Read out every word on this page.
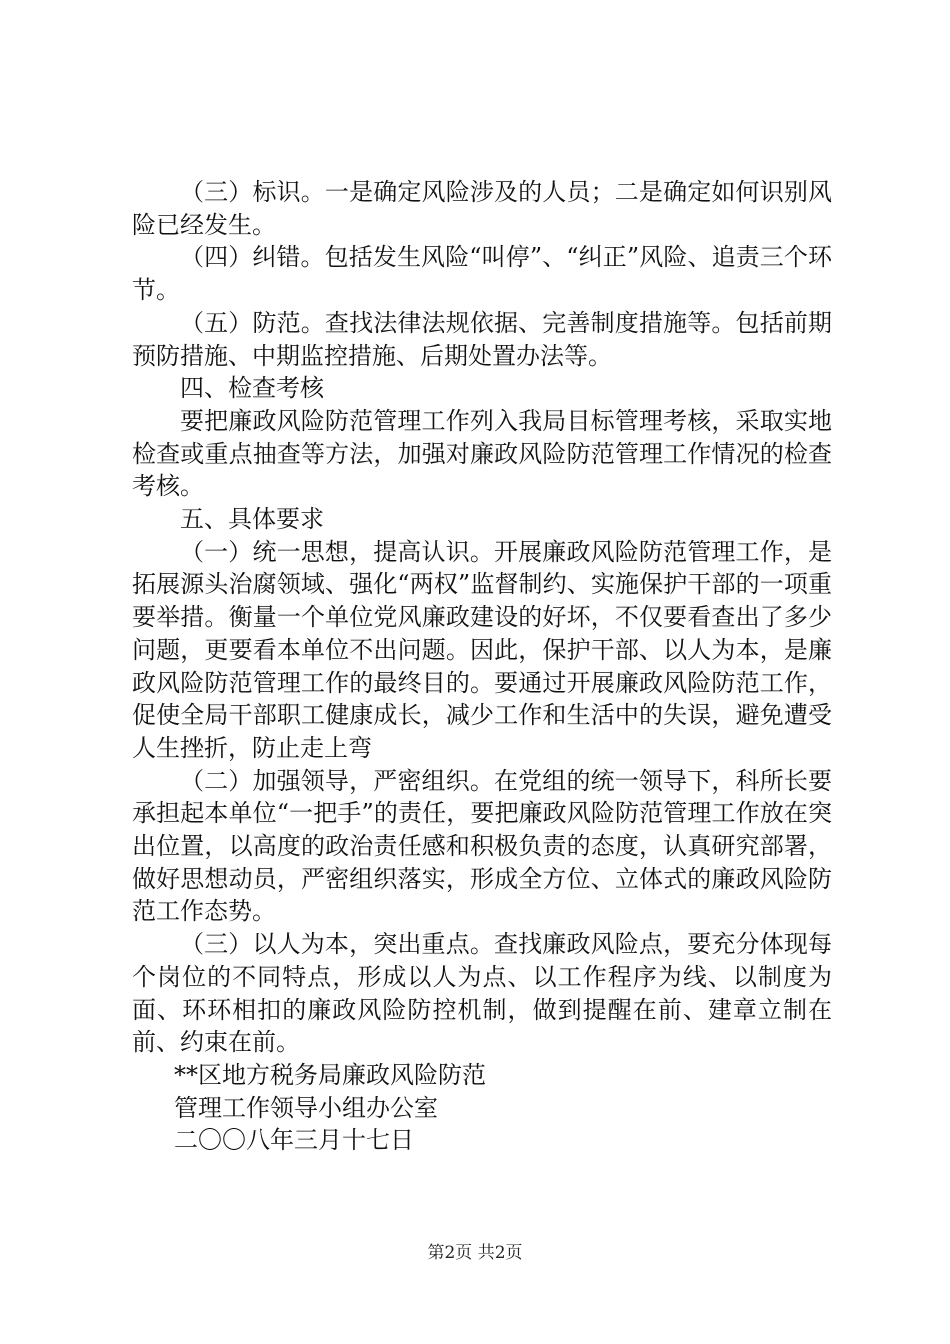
（三）标识。一是确定风险涉及的人员；二是确定如何识别风险已经发生。

（四）纠错。包括发生风险“叫停”、“纠正”风险、追责三个环节。

（五）防范。查找法律法规依据、完善制度措施等。包括前期预防措施、中期监控措施、后期处置办法等。

四、检查考核

要把廉政风险防范管理工作列入我局目标管理考核，采取实地检查或重点抽查等方法，加强对廉政风险防范管理工作情况的检查考核。

五、具体要求

（一）统一思想，提高认识。开展廉政风险防范管理工作，是拓展源头治腐领域、强化“两权”监督制约、实施保护干部的一项重要举措。衡量一个单位党风廉政建设的好坏，不仅要看查出了多少问题，更要看本单位不出问题。因此，保护干部、以人为本，是廉政风险防范管理工作的最终目的。要通过开展廉政风险防范工作，促使全局干部职工健康成长，减少工作和生活中的失误，避免遭受人生挫折，防止走上弯

（二）加强领导，严密组织。在党组的统一领导下，科所长要承担起本单位“一把手”的责任，要把廉政风险防范管理工作放在突出位置，以高度的政治责任感和积极负责的态度，认真研究部署，做好思想动员，严密组织落实，形成全方位、立体式的廉政风险防范工作态势。

（三）以人为本，突出重点。查找廉政风险点，要充分体现每个岗位的不同特点，形成以人为点、以工作程序为线、以制度为面、环环相扣的廉政风险防控机制，做到提醒在前、建章立制在前、约束在前。

**区地方税务局廉政风险防范

管理工作领导小组办公室

二〇〇八年三月十七日

第2页 共2页
